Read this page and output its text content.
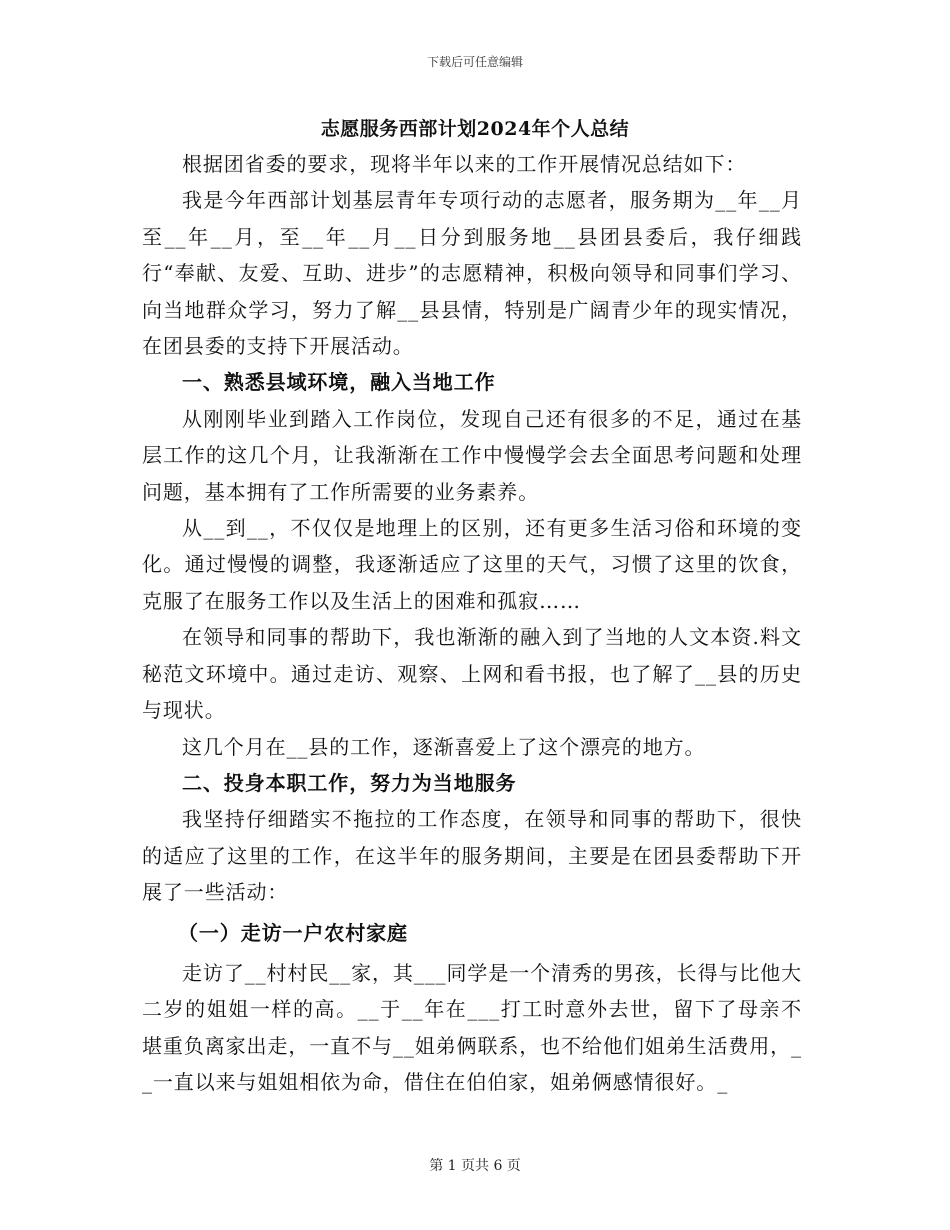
下载后可任意编辑
志愿服务西部计划2024年个人总结

根据团省委的要求，现将半年以来的工作开展情况总结如下：

我是今年西部计划基层青年专项行动的志愿者，服务期为__年__月至__年__月，至__年__月__日分到服务地__县团县委后，我仔细践行“奉献、友爱、互助、进步”的志愿精神，积极向领导和同事们学习、向当地群众学习，努力了解__县县情，特别是广阔青少年的现实情况，在团县委的支持下开展活动。

一、熟悉县域环境，融入当地工作

从刚刚毕业到踏入工作岗位，发现自己还有很多的不足，通过在基层工作的这几个月，让我渐渐在工作中慢慢学会去全面思考问题和处理问题，基本拥有了工作所需要的业务素养。

从__到__，不仅仅是地理上的区别，还有更多生活习俗和环境的变化。通过慢慢的调整，我逐渐适应了这里的天气，习惯了这里的饮食，克服了在服务工作以及生活上的困难和孤寂……

在领导和同事的帮助下，我也渐渐的融入到了当地的人文本资.料文秘范文环境中。通过走访、观察、上网和看书报，也了解了__县的历史与现状。

这几个月在__县的工作，逐渐喜爱上了这个漂亮的地方。

二、投身本职工作，努力为当地服务

我坚持仔细踏实不拖拉的工作态度，在领导和同事的帮助下，很快的适应了这里的工作，在这半年的服务期间，主要是在团县委帮助下开展了一些活动：

（一）走访一户农村家庭

走访了__村村民__家，其___同学是一个清秀的男孩，长得与比他大二岁的姐姐一样的高。__于__年在___打工时意外去世，留下了母亲不堪重负离家出走，一直不与__姐弟俩联系，也不给他们姐弟生活费用，__一直以来与姐姐相依为命，借住在伯伯家，姐弟俩感情很好。_

第 1 页共 6 页
